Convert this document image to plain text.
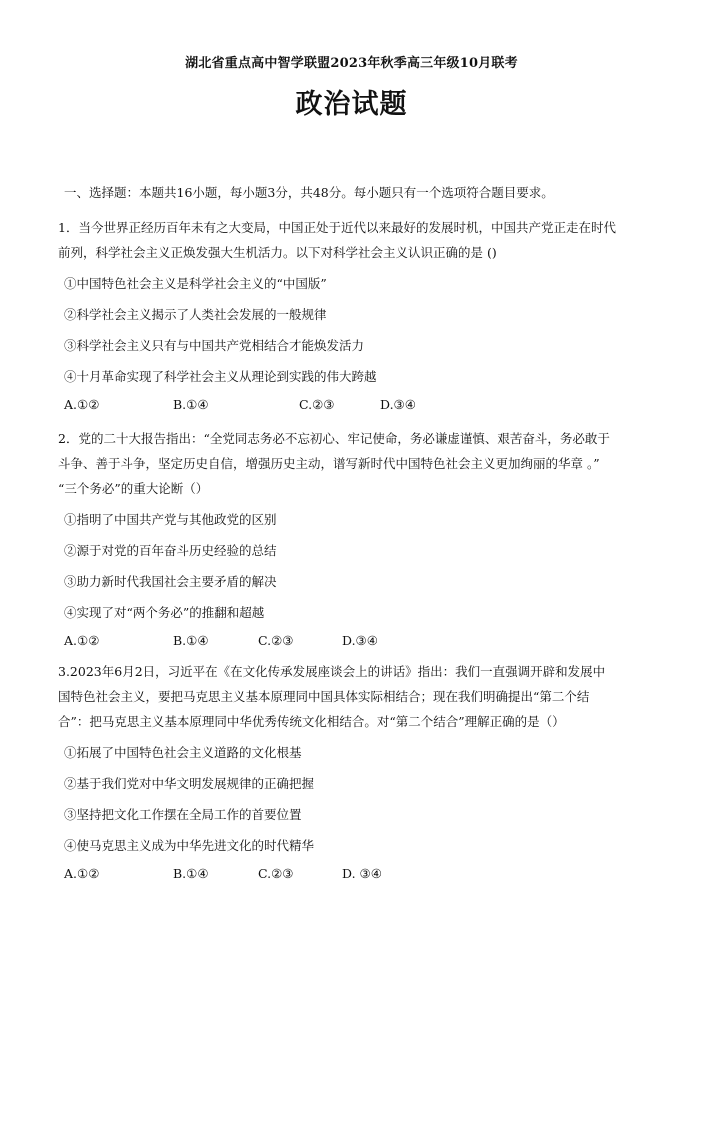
湖北省重点高中智学联盟2023年秋季高三年级10月联考
政治试题
一、选择题：本题共16小题，每小题3分，共48分。每小题只有一个选项符合题目要求。

1．当今世界正经历百年未有之大变局，中国正处于近代以来最好的发展时机，中国共产党正走在时代
前列，科学社会主义正焕发强大生机活力。以下对科学社会主义认识正确的是 ()

①中国特色社会主义是科学社会主义的“中国版”
②科学社会主义揭示了人类社会发展的一般规律
③科学社会主义只有与中国共产党相结合才能焕发活力
④十月革命实现了科学社会主义从理论到实践的伟大跨越
A.①②	B.①④	C.②③	D.③④

2．党的二十大报告指出：“全党同志务必不忘初心、牢记使命，务必谦虚谨慎、艰苦奋斗，务必敢于
斗争、善于斗争，坚定历史自信，增强历史主动，谱写新时代中国特色社会主义更加绚丽的华章 。”
“三个务必”的重大论断（）

①指明了中国共产党与其他政党的区别
②源于对党的百年奋斗历史经验的总结
③助力新时代我国社会主要矛盾的解决
④实现了对“两个务必”的推翻和超越
A.①②	B.①④	C.②③	D.③④

3.2023年6月2日，习近平在《在文化传承发展座谈会上的讲话》指出：我们一直强调开辟和发展中
国特色社会主义，要把马克思主义基本原理同中国具体实际相结合；现在我们明确提出“第二个结
合”：把马克思主义基本原理同中华优秀传统文化相结合。对“第二个结合”理解正确的是（）

①拓展了中国特色社会主义道路的文化根基
②基于我们党对中华文明发展规律的正确把握
③坚持把文化工作摆在全局工作的首要位置
④使马克思主义成为中华先进文化的时代精华
A.①②	B.①④	C.②③	D. ③④
